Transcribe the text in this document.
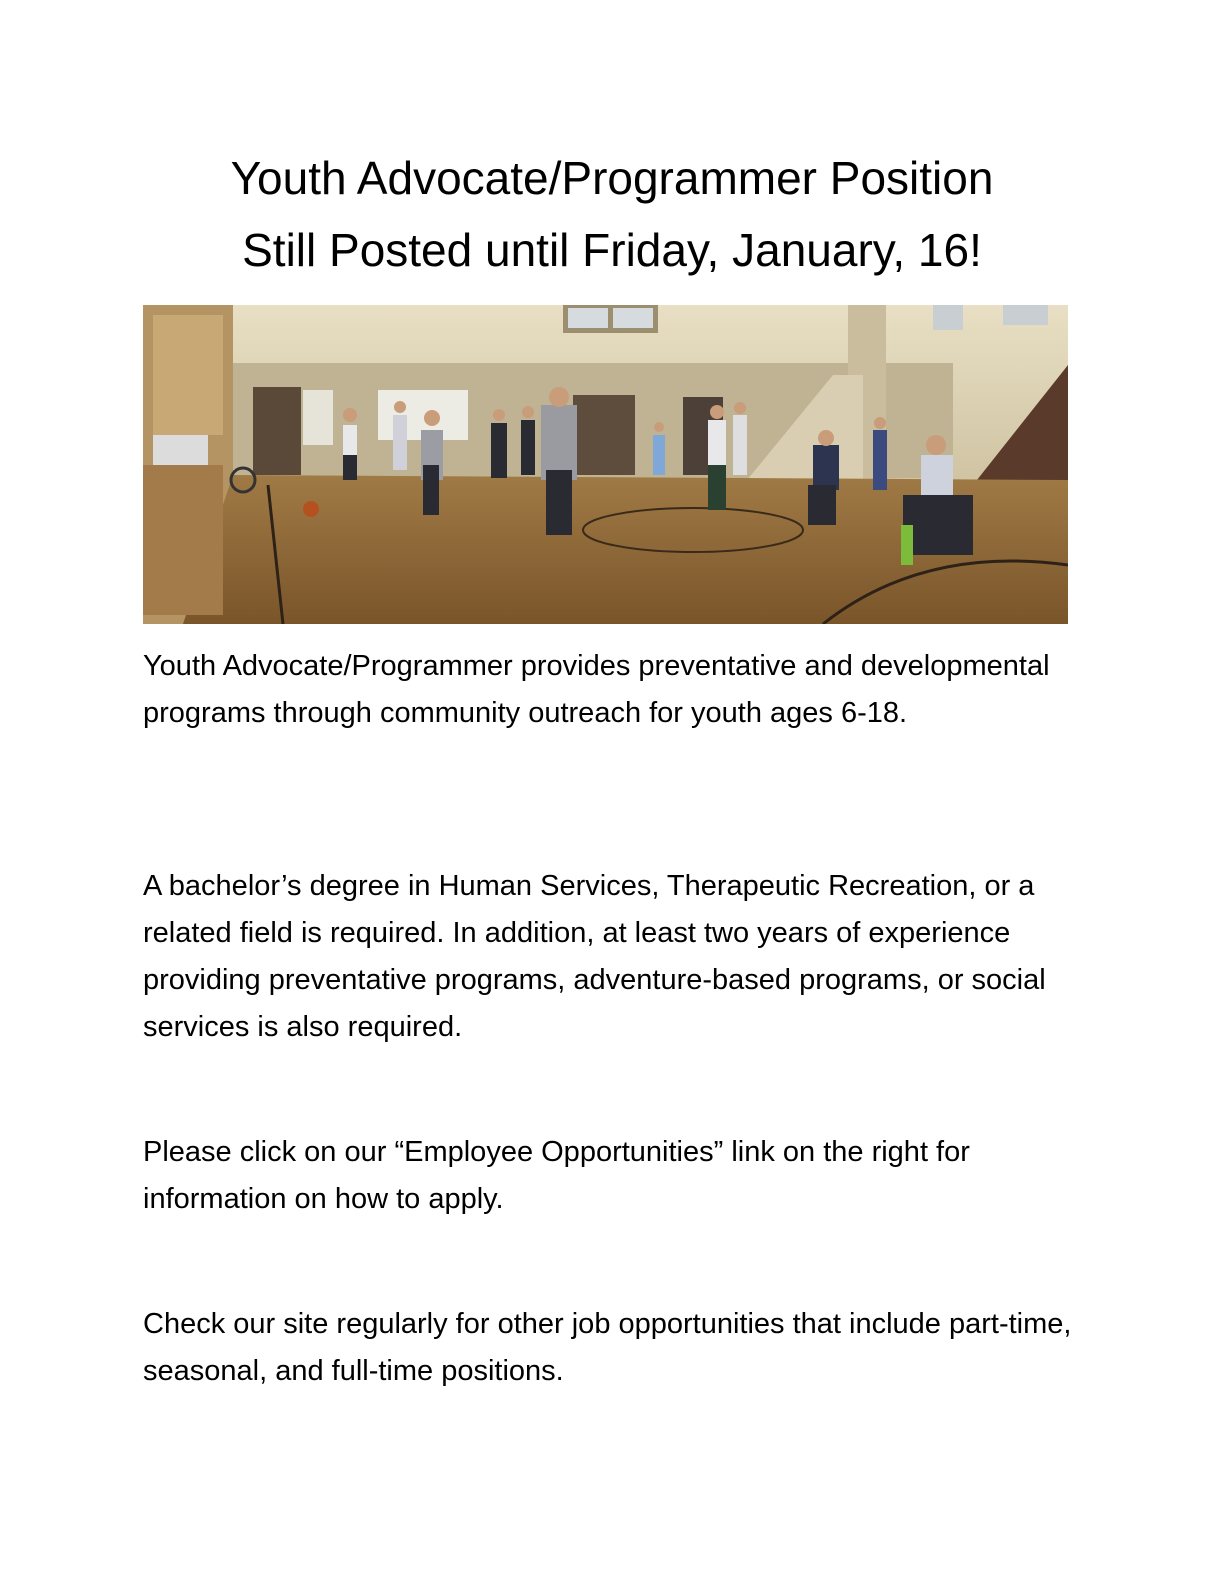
Youth Advocate/Programmer Position
Still Posted until Friday, January, 16!

Youth Advocate/Programmer provides preventative and developmental programs through community outreach for youth ages 6-18.

A bachelor’s degree in Human Services, Therapeutic Recreation, or a related field is required. In addition, at least two years of experience providing preventative programs, adventure-based programs, or social services is also required.

Please click on our “Employee Opportunities” link on the right for information on how to apply.

Check our site regularly for other job opportunities that include part-time, seasonal, and full-time positions.
